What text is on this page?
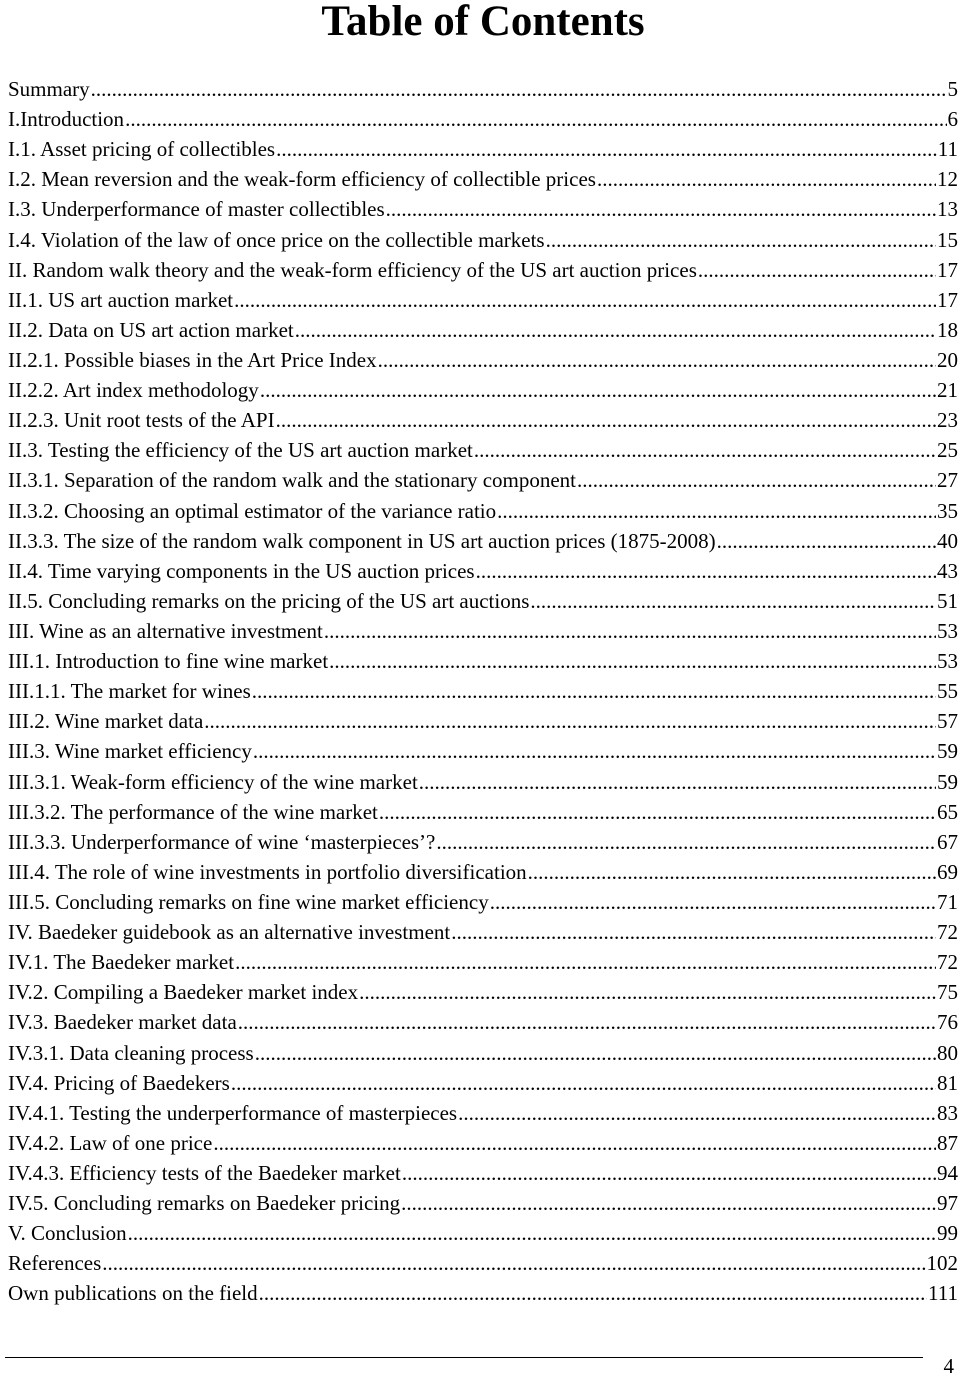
Table of Contents
Summary .....	5
I.Introduction .....	6
I.1. Asset pricing of collectibles .....	11
I.2. Mean reversion and the weak-form efficiency of collectible prices .....	12
I.3. Underperformance of master collectibles .....	13
I.4. Violation of the law of once price on the collectible markets .....	15
II. Random walk theory and the weak-form efficiency of the US art auction prices .....	17
II.1. US art auction market .....	17
II.2. Data on US art action market .....	18
II.2.1. Possible biases in the Art Price Index .....	20
II.2.2. Art index methodology .....	21
II.2.3. Unit root tests of the API .....	23
II.3. Testing the efficiency of the US art auction market .....	25
II.3.1. Separation of the random walk and the stationary component .....	27
II.3.2. Choosing an optimal estimator of the variance ratio .....	35
II.3.3. The size of the random walk component in US art auction prices (1875-2008) .....	40
II.4. Time varying components in the US auction prices .....	43
II.5. Concluding remarks on the pricing of the US art auctions .....	51
III. Wine as an alternative investment .....	53
III.1. Introduction to fine wine market .....	53
III.1.1. The market for wines .....	55
III.2. Wine market data .....	57
III.3. Wine market efficiency .....	59
III.3.1. Weak-form efficiency of the wine market .....	59
III.3.2. The performance of the wine market .....	65
III.3.3. Underperformance of wine ‘masterpieces’? .....	67
III.4. The role of wine investments in portfolio diversification .....	69
III.5. Concluding remarks on fine wine market efficiency .....	71
IV. Baedeker guidebook as an alternative investment .....	72
IV.1. The Baedeker market .....	72
IV.2. Compiling a Baedeker market index .....	75
IV.3. Baedeker market data .....	76
IV.3.1. Data cleaning process .....	80
IV.4. Pricing of Baedekers .....	81
IV.4.1. Testing the underperformance of masterpieces .....	83
IV.4.2. Law of one price .....	87
IV.4.3. Efficiency tests of the Baedeker market .....	94
IV.5. Concluding remarks on Baedeker pricing .....	97
V. Conclusion .....	99
References .....	102
Own publications on the field .....	111
4
